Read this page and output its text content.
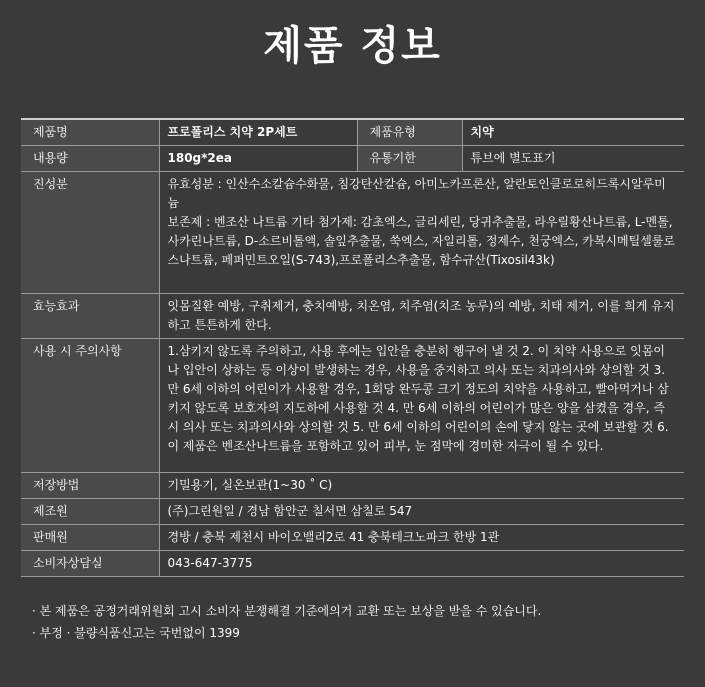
제품 정보
제품명	프로폴리스 치약 2P세트	제품유형	치약
내용량	180g*2ea	유통기한	튜브에 별도표기
진성분	유효성분 : 인산수소칼슘수화물, 침강탄산칼슘, 아미노카프론산, 알란토인클로로히드록시알루미늄
보존제 : 벤조산 나트륨 기타 첨가제: 감초엑스, 글리세린, 당귀추출물, 라우릴황산나트륨, L-멘톨,사카린나트륨, D-소르비톨액, 솔잎추출물, 쑥엑스, 자일리톨, 정제수, 천궁엑스, 카복시메틸셀룰로스나트륨, 페퍼민트오일(S-743),프로폴리스추출물, 함수규산(Tixosil43k)		

효능효과	잇몸질환 예방, 구취제거, 충치예방, 치온염, 치주염(치조 농루)의 예방, 치태 제거, 이를 희게 유지하고 튼튼하게 한다.		
사용 시 주의사항	1.삼키지 않도록 주의하고, 사용 후에는 입안을 충분히 헹구어 낼 것 2. 이 치약 사용으로 잇몸이나 입안이 상하는 등 이상이 발생하는 경우, 사용을 중지하고 의사 또는 치과의사와 상의할 것 3. 만 6세 이하의 어린이가 사용할 경우, 1회당 완두콩 크기 정도의 치약을 사용하고, 빨아먹거나 삼키지 않도록 보호자의 지도하에 사용할 것 4. 만 6세 이하의 어린이가 많은 양을 삼켰을 경우, 즉시 의사 또는 치과의사와 상의할 것 5. 만 6세 이하의 어린이의 손에 닿지 않는 곳에 보관할 것 6. 이 제품은 벤조산나트륨을 포함하고 있어 피부, 눈 점막에 경미한 자극이 될 수 있다.		
저장방법	기밀용기, 실온보관(1~30 ˚ C)		
제조원	(주)그린원일 / 경남 함안군 칠서면 삼칠로 547		
판매원	경방 / 충북 제천시 바이오밸리2로 41 충북테크노파크 한방 1관		
소비자상담실	043-647-3775		
· 본 제품은 공정거래위원회 고시 소비자 분쟁해결 기준에의거 교환 또는 보상을 받을 수 있습니다.
· 부정 · 불량식품신고는 국번없이 1399
